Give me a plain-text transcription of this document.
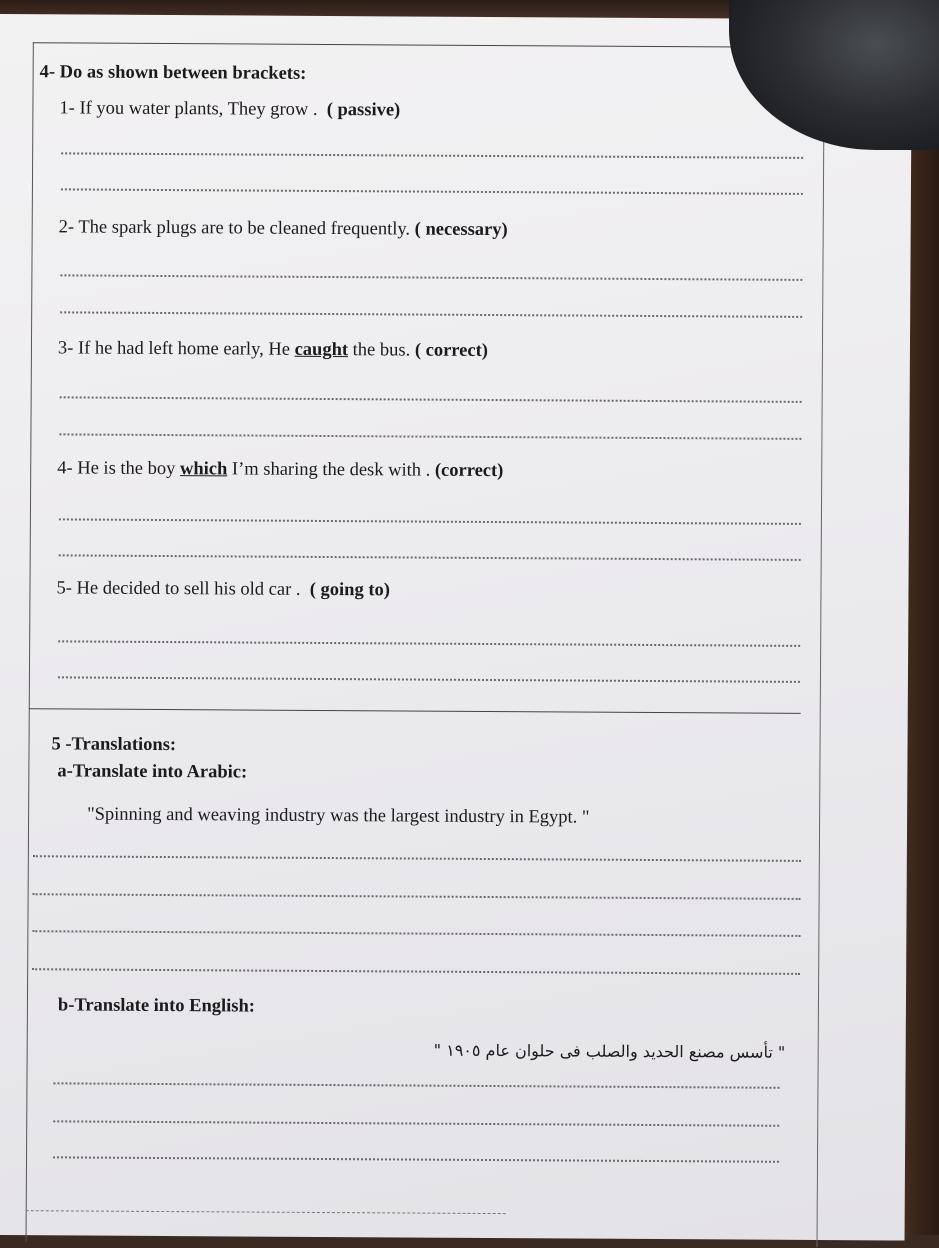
4- Do as shown between brackets:
1- If you water plants, They grow . ( passive)
2- The spark plugs are to be cleaned frequently. ( necessary)
3- If he had left home early, He caught the bus. ( correct)
4- He is the boy which I’m sharing the desk with . (correct)
5- He decided to sell his old car . ( going to)
5 -Translations:
a-Translate into Arabic:
"Spinning and weaving industry was the largest industry in Egypt. "
b-Translate into English:
" تأسس مصنع الحديد والصلب فى حلوان عام ١٩٠٥ "
